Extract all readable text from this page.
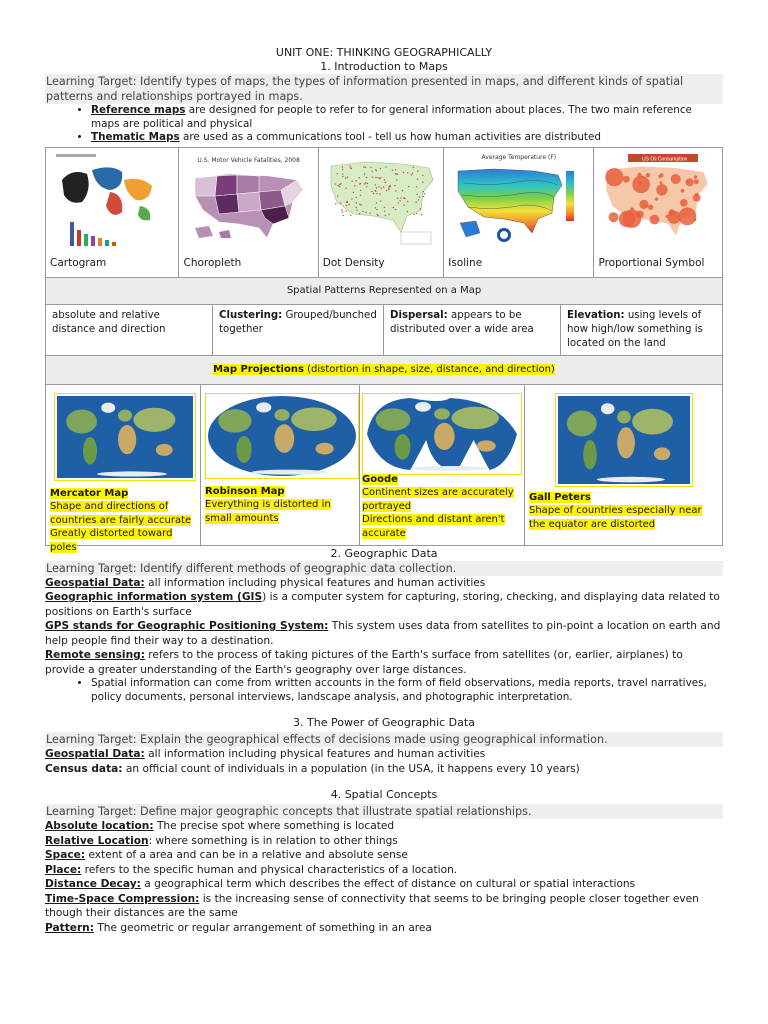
UNIT ONE: THINKING GEOGRAPHICALLY
1. Introduction to Maps
Learning Target: Identify types of maps, the types of information presented in maps, and different kinds of spatial patterns and relationships portrayed in maps.
• Reference maps are designed for people to refer to for general information about places. The two main reference maps are political and physical
• Thematic Maps are used as a communications tool - tell us how human activities are distributed
Cartogram

U.S. Motor Vehicle Fatalities, 2008
Choropleth	Dot Density

Average Temperature (F)
Isoline

US Oil Consumption
Proportional Symbol

Spatial Patterns Represented on a Map
absolute and relative distance and direction	Clustering: Grouped/bunched together	Dispersal: appears to be distributed over a wide area	Elevation: using levels of how high/low something is located on the land
Map Projections (distortion in shape, size, distance, and direction)
Mercator Map
Shape and directions of countries are fairly accurate
Greatly distorted toward poles

Robinson Map
Everything is distorted in small amounts

Goode
Continent sizes are accurately portrayed
Directions and distant aren't accurate

Gall Peters
Shape of countries especially near the equator are distorted
2. Geographic Data
Learning Target: Identify different methods of geographic data collection.
Geospatial Data: all information including physical features and human activities
Geographic information system (GIS) is a computer system for capturing, storing, checking, and displaying data related to positions on Earth's surface
GPS stands for Geographic Positioning System: This system uses data from satellites to pin-point a location on earth and help people find their way to a destination.
Remote sensing: refers to the process of taking pictures of the Earth's surface from satellites (or, earlier, airplanes) to provide a greater understanding of the Earth's geography over large distances.
• Spatial information can come from written accounts in the form of field observations, media reports, travel narratives, policy documents, personal interviews, landscape analysis, and photographic interpretation.
3. The Power of Geographic Data
Learning Target: Explain the geographical effects of decisions made using geographical information.
Geospatial Data: all information including physical features and human activities
Census data: an official count of individuals in a population (in the USA, it happens every 10 years)
4. Spatial Concepts
Learning Target: Define major geographic concepts that illustrate spatial relationships.
Absolute location: The precise spot where something is located
Relative Location: where something is in relation to other things
Space: extent of a area and can be in a relative and absolute sense
Place: refers to the specific human and physical characteristics of a location.
Distance Decay: a geographical term which describes the effect of distance on cultural or spatial interactions
Time-Space Compression: is the increasing sense of connectivity that seems to be bringing people closer together even though their distances are the same
Pattern: The geometric or regular arrangement of something in an area
